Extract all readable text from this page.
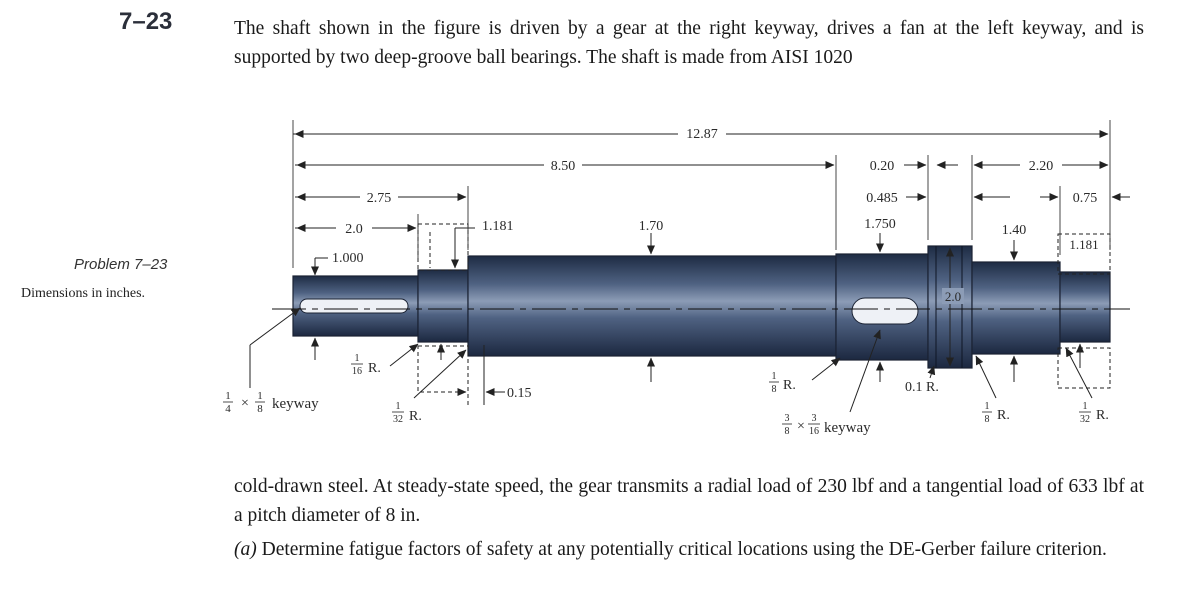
7–23	The shaft shown in the figure is driven by a gear at the right keyway, drives a fan at the left keyway, and is supported by two deep-groove ball bearings. The shaft is made from AISI 1020
Problem 7–23
Dimensions in inches.
12.87
8.50	0.20	2.20
2.75	0.485	0.75
2.0	1.181	1.70	1.750	1.40
1.181
1.000
2.0
0.15
1
4 × 1
8 keyway
1
16 R.
1
32 R.
1
8 R.
3
8 ×
3
16 keyway
0.1 R.
1
8 R.
1
32 R.
cold-drawn steel. At steady-state speed, the gear transmits a radial load of 230 lbf and a tangential load of 633 lbf at a pitch diameter of 8 in.
(a) Determine fatigue factors of safety at any potentially critical locations using the DE-Gerber failure criterion.
